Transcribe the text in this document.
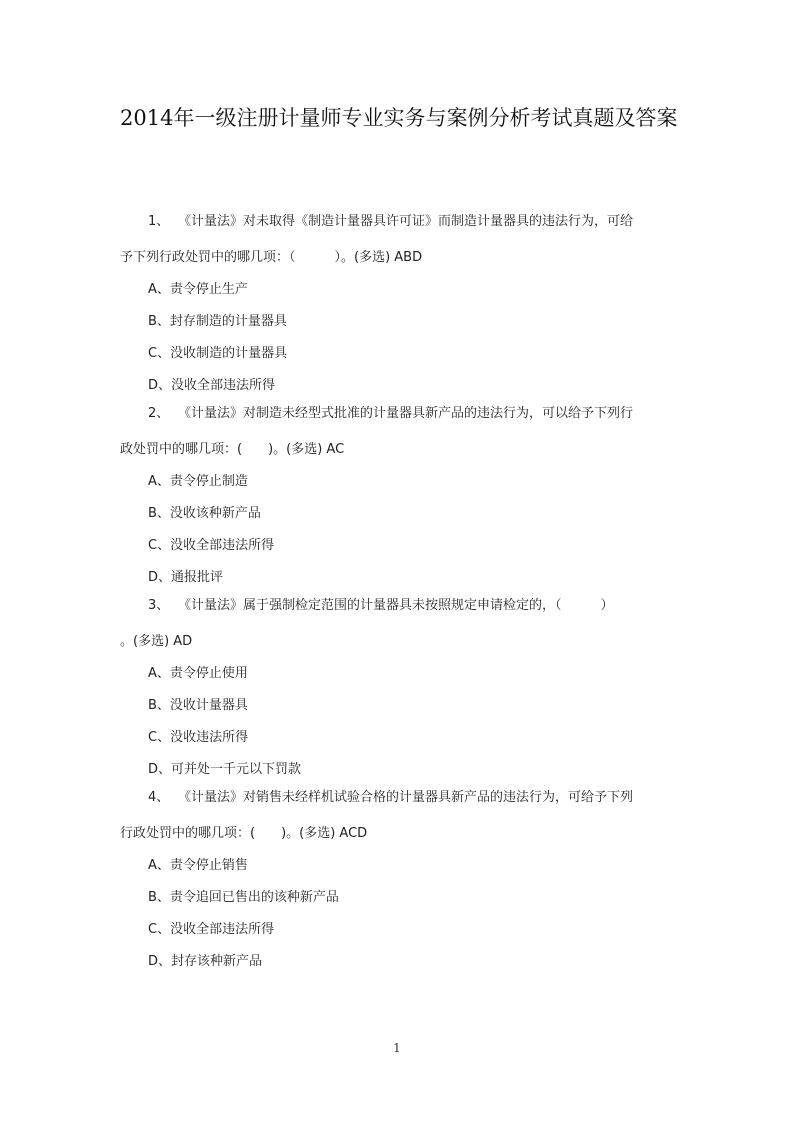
2014年一级注册计量师专业实务与案例分析考试真题及答案
1、 《计量法》对未取得《制造计量器具许可证》而制造计量器具的违法行为，可给
予下列行政处罚中的哪几项：（　　　）。(多选) ABD
A、责令停止生产
B、封存制造的计量器具
C、没收制造的计量器具
D、没收全部违法所得
2、 《计量法》对制造未经型式批准的计量器具新产品的违法行为，可以给予下列行
政处罚中的哪几项：(　　)。(多选) AC
A、责令停止制造
B、没收该种新产品
C、没收全部违法所得
D、通报批评
3、 《计量法》属于强制检定范围的计量器具未按照规定申请检定的，（　　　）
。(多选) AD
A、责令停止使用
B、没收计量器具
C、没收违法所得
D、可并处一千元以下罚款
4、 《计量法》对销售未经样机试验合格的计量器具新产品的违法行为，可给予下列
行政处罚中的哪几项：(　　)。(多选) ACD
A、责令停止销售
B、责令追回已售出的该种新产品
C、没收全部违法所得
D、封存该种新产品
1
